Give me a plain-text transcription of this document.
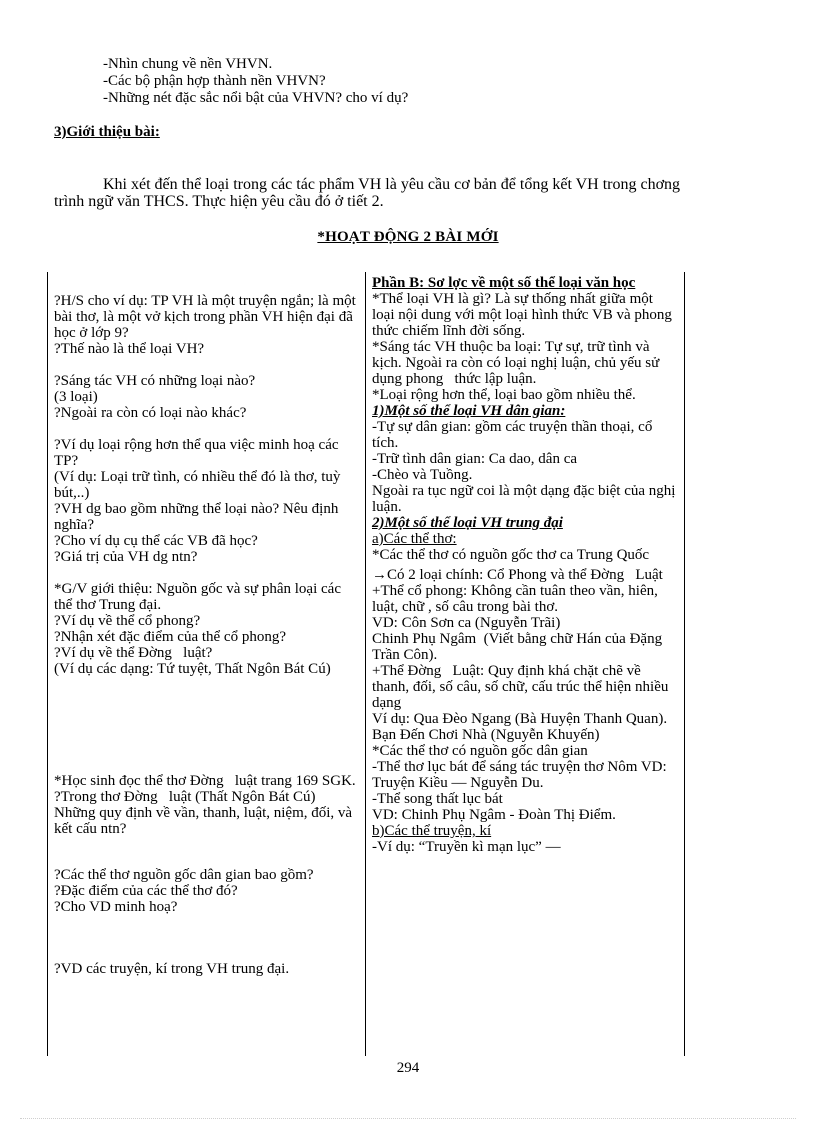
-Nhìn chung về nền VHVN.
-Các bộ phận hợp thành nền VHVN?
-Những nét đặc sắc nổi bật của VHVN? cho ví dụ?
3)Giới thiệu bài:
Khi xét đến thể loại trong các tác phẩm VH là yêu cầu cơ bản để tổng kết VH trong chơng trình ngữ văn THCS. Thực hiện yêu cầu đó ở tiết 2.
*HOẠT ĐỘNG 2 BÀI MỚI
?H/S cho ví dụ: TP VH là một truyện ngắn; là một bài thơ, là một vở kịch trong phần VH hiện đại đã học ở lớp 9?
?Thế nào là thể loại VH?
?Sáng tác VH có những loại nào?
(3 loại)
?Ngoài ra còn có loại nào khác?
?Ví dụ loại rộng hơn thể qua việc minh hoạ các TP?
(Ví dụ: Loại trữ tình, có nhiều thể đó là thơ, tuỳ bút,..)
?VH dg bao gồm những thể loại nào? Nêu định nghĩa?
?Cho ví dụ cụ thể các VB đã học?
?Giá trị của VH dg ntn?
*G/V giới thiệu: Nguồn gốc và sự phân loại các thể thơ Trung đại.
?Ví dụ về thể cổ phong?
?Nhận xét đặc điểm của thể cổ phong?
?Ví dụ về thể Đờng   luật?
(Ví dụ các dạng: Tứ tuyệt, Thất Ngôn Bát Cú)
*Học sinh đọc thể thơ Đờng   luật trang 169 SGK.
?Trong thơ Đờng   luật (Thất Ngôn Bát Cú) Những quy định về vần, thanh, luật, niệm, đối, và kết cấu ntn?
?Các thể thơ nguồn gốc dân gian bao gồm?
?Đặc điểm của các thể thơ đó?
?Cho VD minh hoạ?
?VD các truyện, kí trong VH trung đại.
Phần B: Sơ lợc về một số thể loại văn học
*Thể loại VH là gì? Là sự thống nhất giữa một loại nội dung với một loại hình thức VB và phong   thức chiếm lĩnh đời sống.
*Sáng tác VH thuộc ba loại: Tự sự, trữ tình và kịch. Ngoài ra còn có loại nghị luận, chủ yếu sử dụng phong   thức lập luận.
*Loại rộng hơn thể, loại bao gồm nhiều thể.
1)Một số thể loại VH dân gian:
-Tự sự dân gian: gồm các truyện thần thoại, cổ tích.
-Trữ tình dân gian: Ca dao, dân ca
-Chèo và Tuồng.
Ngoài ra tục ngữ coi là một dạng đặc biệt của nghị luận.
2)Một số thể loại VH trung đại
a)Các thể thơ:
*Các thể thơ có nguồn gốc thơ ca Trung Quốc
→Có 2 loại chính: Cổ Phong và thể Đờng   Luật
+Thể cổ phong: Không cần tuân theo vần, hiên, luật, chữ , số câu trong bài thơ.
VD: Côn Sơn ca (Nguyễn Trãi)
Chinh Phụ Ngâm  (Viết bằng chữ Hán của Đặng Trần Côn).
+Thể Đờng   Luật: Quy định khá chặt chẽ về thanh, đối, số câu, số chữ, cấu trúc thể hiện nhiều dạng
Ví dụ: Qua Đèo Ngang (Bà Huyện Thanh Quan).
Bạn Đến Chơi Nhà (Nguyễn Khuyến)
*Các thể thơ có nguồn gốc dân gian
-Thể thơ lục bát để sáng tác truyện thơ Nôm VD: Truyện Kiều — Nguyễn Du.
-Thể song thất lục bát
VD: Chinh Phụ Ngâm - Đoàn Thị Điểm.
b)Các thể truyện, kí
-Ví dụ: “Truyền kì mạn lục” —
294
